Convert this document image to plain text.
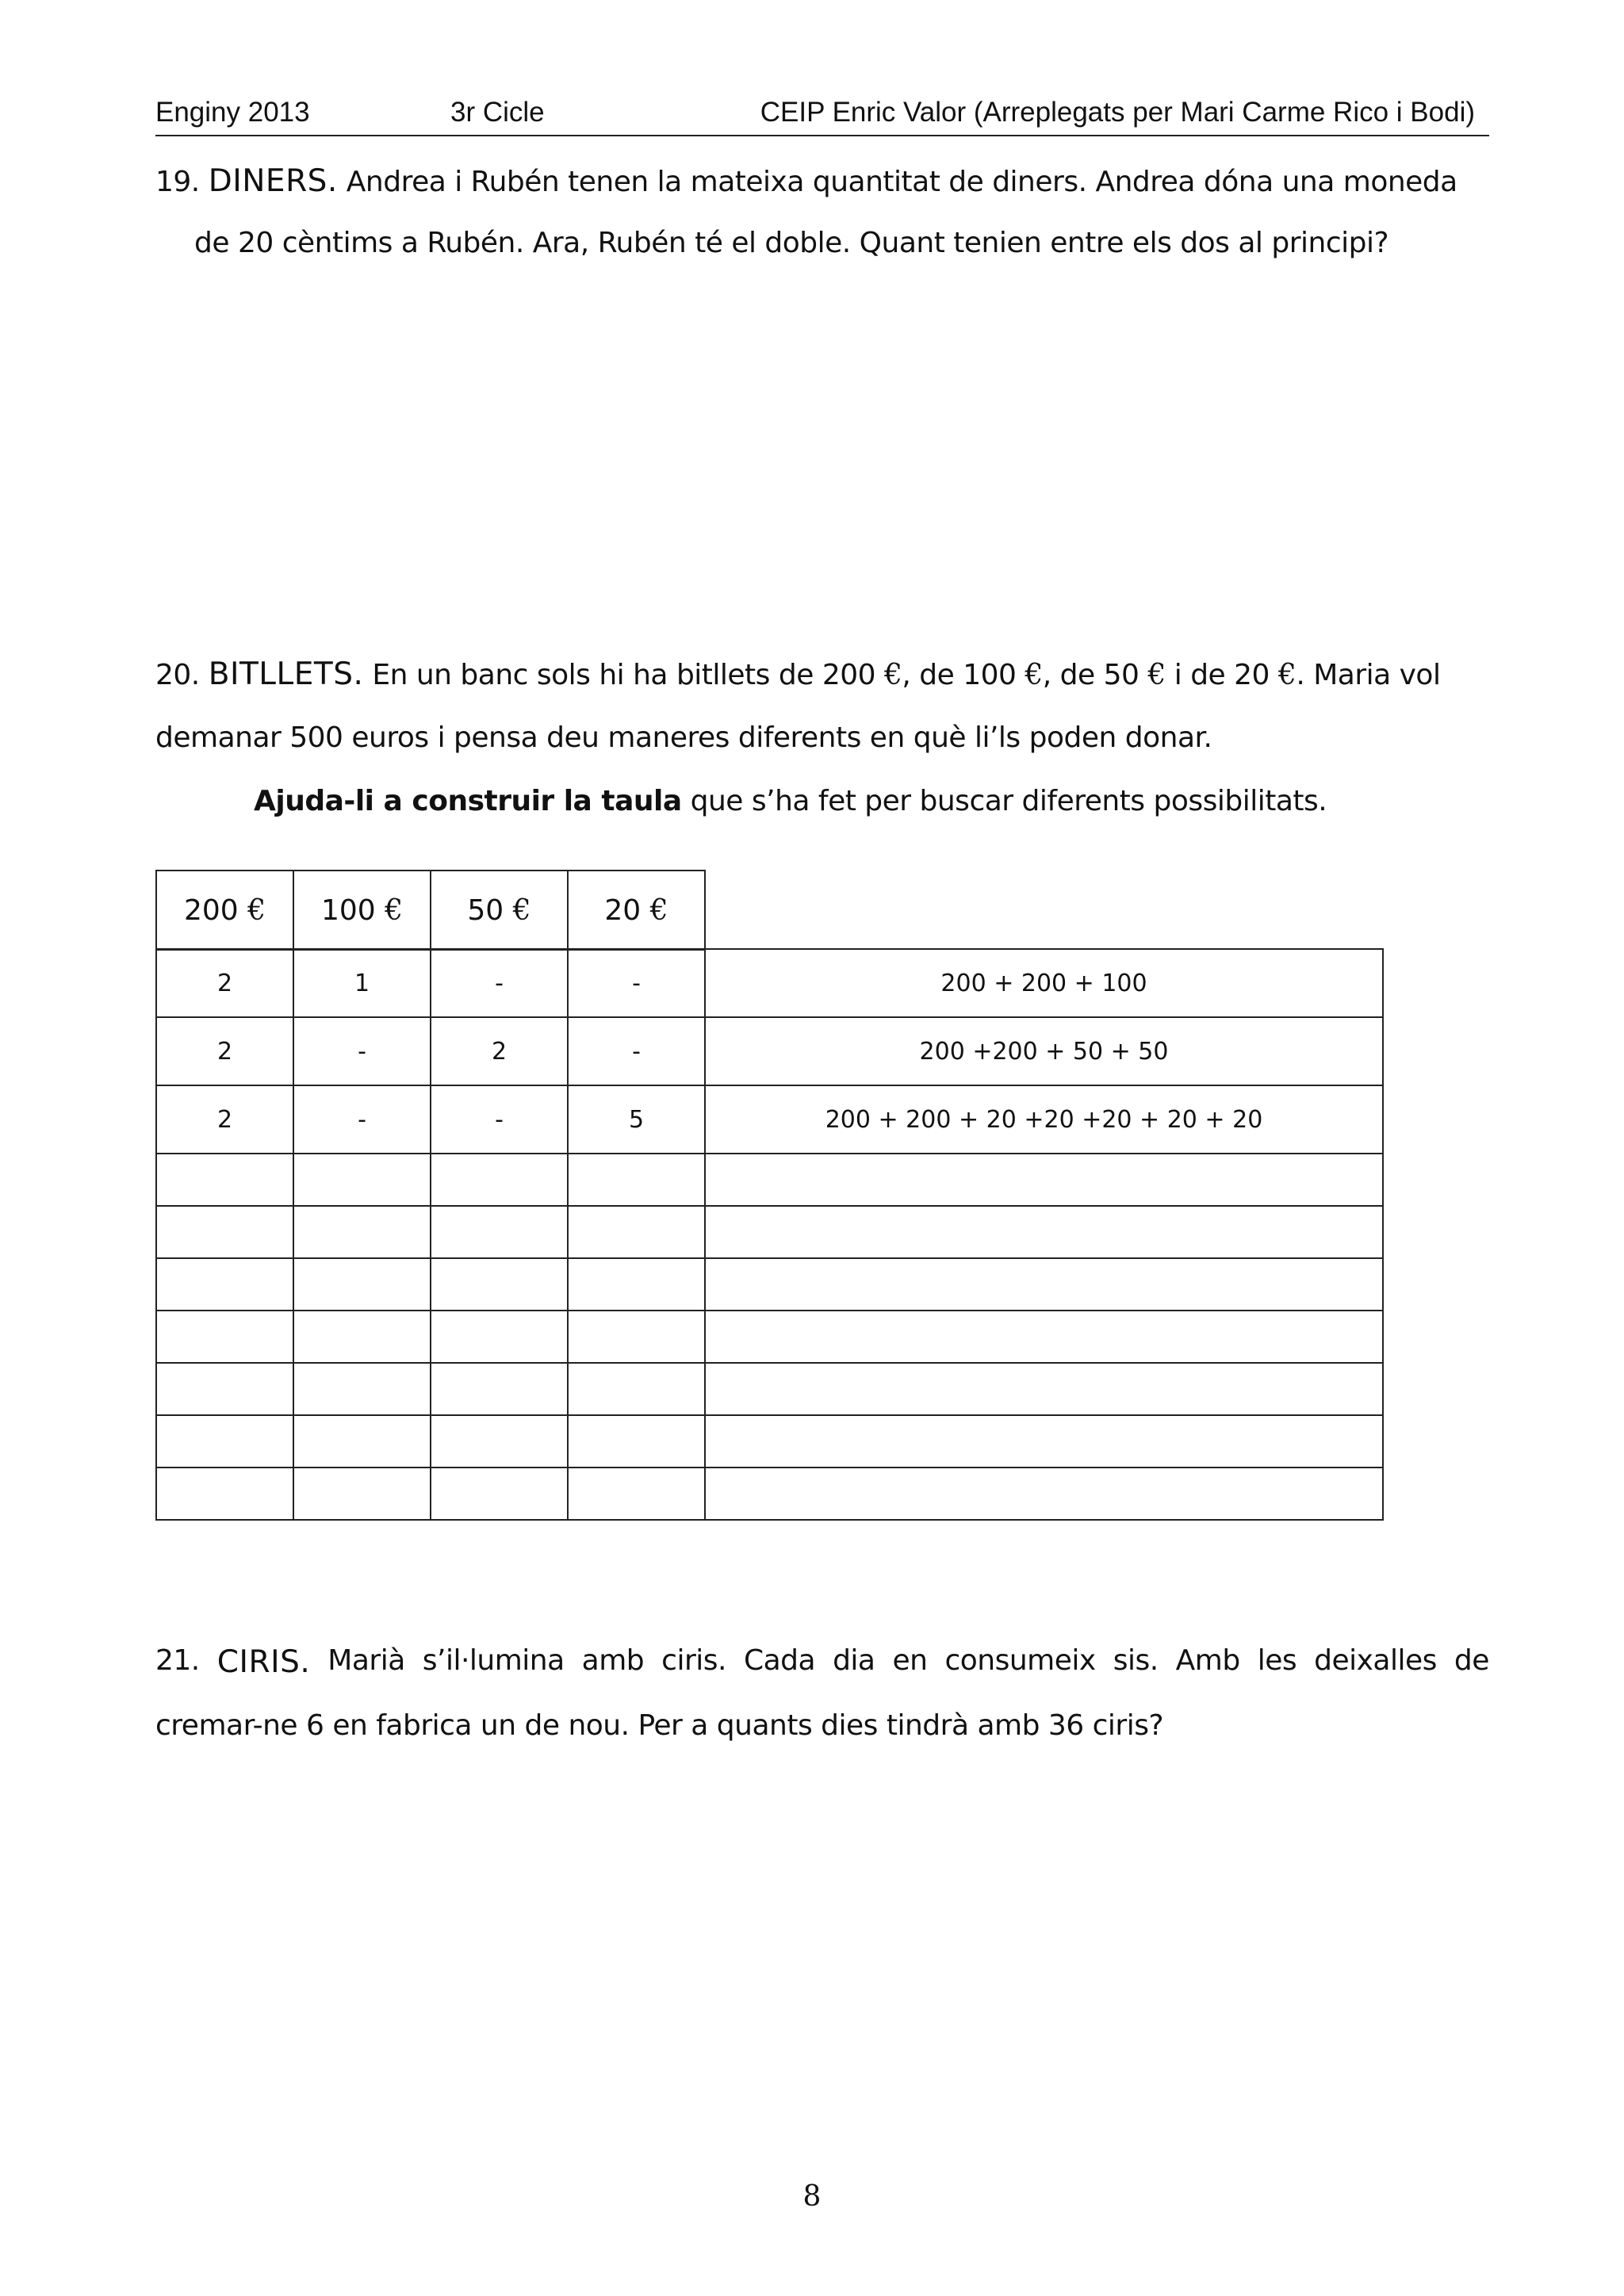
Enginy 2013	3r Cicle	CEIP Enric Valor (Arreplegats per Mari Carme Rico i Bodi)
19. DINERS. Andrea i Rubén tenen la mateixa quantitat de diners. Andrea dóna una moneda
de 20 cèntims a Rubén. Ara, Rubén té el doble. Quant tenien entre els dos al principi?
20. BITLLETS. En un banc sols hi ha bitllets de 200 €, de 100 €, de 50 € i de 20 €. Maria vol
demanar 500 euros i pensa deu maneres diferents en què li’ls poden donar.
Ajuda-li a construir la taula que s’ha fet per buscar diferents possibilitats.
200 €	100 €	50 €	20 €
2	1	-	-	200 + 200 + 100
2	-	2	-	200 +200 + 50 + 50
2	-	-	5	200 + 200 + 20 +20 +20 + 20 + 20

21. CIRIS. Marià s’il·lumina amb ciris. Cada dia en consumeix sis. Amb les deixalles de
cremar-ne 6 en fabrica un de nou. Per a quants dies tindrà amb 36 ciris?
8
